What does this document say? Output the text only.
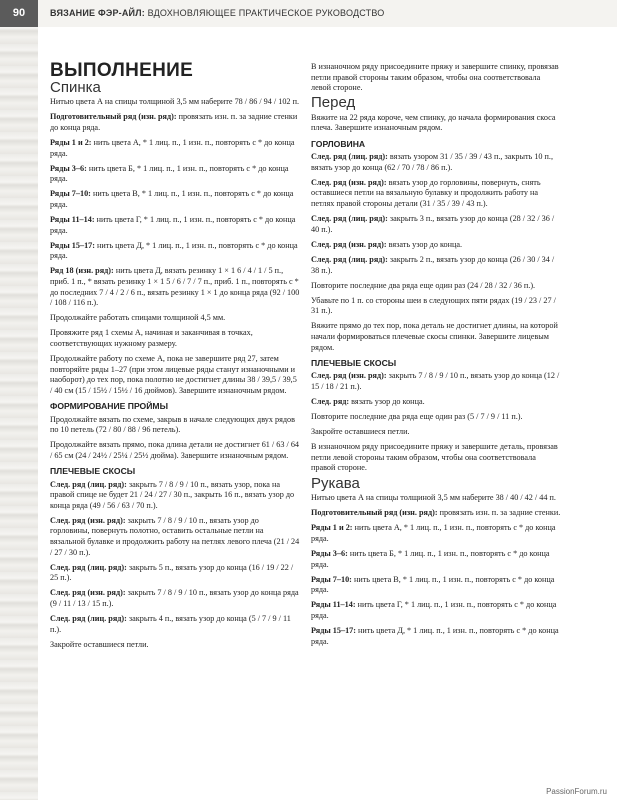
90	ВЯЗАНИЕ ФЭР-АЙЛ: ВДОХНОВЛЯЮЩЕЕ ПРАКТИЧЕСКОЕ РУКОВОДСТВО
ВЫПОЛНЕНИЕ
Спинка

Нитью цвета А на спицы толщиной 3,5 мм наберите 78 / 86 / 94 / 102 п.

Подготовительный ряд (изн. ряд): провязать изн. п. за задние стенки до конца ряда.

Ряды 1 и 2: нить цвета А, * 1 лиц. п., 1 изн. п., повторять с * до конца ряда.

Ряды 3–6: нить цвета Б, * 1 лиц. п., 1 изн. п., повторять с * до конца ряда.

Ряды 7–10: нить цвета В, * 1 лиц. п., 1 изн. п., повторять с * до конца ряда.

Ряды 11–14: нить цвета Г, * 1 лиц. п., 1 изн. п., повторять с * до конца ряда.

Ряды 15–17: нить цвета Д, * 1 лиц. п., 1 изн. п., повторять с * до конца ряда.

Ряд 18 (изн. ряд): нить цвета Д, вязать резинку 1 × 1 6 / 4 / 1 / 5 п., приб. 1 п., * вязать резинку 1 × 1 5 / 6 / 7 / 7 п., приб. 1 п., повторять с * до последних 7 / 4 / 2 / 6 п., вязать резинку 1 × 1 до конца ряда (92 / 100 / 108 / 116 п.).

Продолжайте работать спицами толщиной 4,5 мм.

Провяжите ряд 1 схемы А, начиная и заканчивая в точках, соответствующих нужному размеру.

Продолжайте работу по схеме А, пока не завершите ряд 27, затем повторяйте ряды 1–27 (при этом лицевые ряды станут изнаночными и наоборот) до тех пор, пока полотно не достигнет длины 38 / 39,5 / 39,5 / 40 см (15 / 15½ / 15½ / 16 дюймов). Завершите изнаночным рядом.

ФОРМИРОВАНИЕ ПРОЙМЫ

Продолжайте вязать по схеме, закрыв в начале следующих двух рядов по 10 петель (72 / 80 / 88 / 96 петель).

Продолжайте вязать прямо, пока длина детали не достигнет 61 / 63 / 64 / 65 см (24 / 24½ / 25¼ / 25½ дюйма). Завершите изнаночным рядом.

ПЛЕЧЕВЫЕ СКОСЫ

След. ряд (лиц. ряд): закрыть 7 / 8 / 9 / 10 п., вязать узор, пока на правой спице не будет 21 / 24 / 27 / 30 п., закрыть 16 п., вязать узор до конца ряда (49 / 56 / 63 / 70 п.).

След. ряд (изн. ряд): закрыть 7 / 8 / 9 / 10 п., вязать узор до горловины, повернуть полотно, оставить остальные петли на вязальной булавке и продолжить работу на петлях левого плеча (21 / 24 / 27 / 30 п.).

След. ряд (лиц. ряд): закрыть 5 п., вязать узор до конца (16 / 19 / 22 / 25 п.).

След. ряд (изн. ряд): закрыть 7 / 8 / 9 / 10 п., вязать узор до конца ряда (9 / 11 / 13 / 15 п.).

След. ряд (лиц. ряд): закрыть 4 п., вязать узор до конца (5 / 7 / 9 / 11 п.).

Закройте оставшиеся петли.

В изнаночном ряду присоедините пряжу и завершите спинку, провязав петли правой стороны таким образом, чтобы она соответствовала левой стороне.

Перед

Вяжите на 22 ряда короче, чем спинку, до начала формирования скоса плеча. Завершите изнаночным рядом.

ГОРЛОВИНА

След. ряд (лиц. ряд): вязать узором 31 / 35 / 39 / 43 п., закрыть 10 п., вязать узор до конца (62 / 70 / 78 / 86 п.).

След. ряд (изн. ряд): вязать узор до горловины, повернуть, снять оставшиеся петли на вязальную булавку и продолжить работу на петлях правой стороны детали (31 / 35 / 39 / 43 п.).

След. ряд (лиц. ряд): закрыть 3 п., вязать узор до конца (28 / 32 / 36 / 40 п.).

След. ряд (изн. ряд): вязать узор до конца.

След. ряд (лиц. ряд): закрыть 2 п., вязать узор до конца (26 / 30 / 34 / 38 п.).

Повторите последние два ряда еще один раз (24 / 28 / 32 / 36 п.).

Убавьте по 1 п. со стороны шеи в следующих пяти рядах (19 / 23 / 27 / 31 п.).

Вяжите прямо до тех пор, пока деталь не достигнет длины, на которой начали формироваться плечевые скосы спинки. Завершите лицевым рядом.

ПЛЕЧЕВЫЕ СКОСЫ

След. ряд (изн. ряд): закрыть 7 / 8 / 9 / 10 п., вязать узор до конца (12 / 15 / 18 / 21 п.).

След. ряд: вязать узор до конца.

Повторите последние два ряда еще один раз (5 / 7 / 9 / 11 п.).

Закройте оставшиеся петли.

В изнаночном ряду присоедините пряжу и завершите деталь, провязав петли левой стороны таким образом, чтобы она соответствовала правой стороне.

Рукава

Нитью цвета А на спицы толщиной 3,5 мм наберите 38 / 40 / 42 / 44 п.

Подготовительный ряд (изн. ряд): провязать изн. п. за задние стенки.

Ряды 1 и 2: нить цвета А, * 1 лиц. п., 1 изн. п., повторять с * до конца ряда.

Ряды 3–6: нить цвета Б, * 1 лиц. п., 1 изн. п., повторять с * до конца ряда.

Ряды 7–10: нить цвета В, * 1 лиц. п., 1 изн. п., повторять с * до конца ряда.

Ряды 11–14: нить цвета Г, * 1 лиц. п., 1 изн. п., повторять с * до конца ряда.

Ряды 15–17: нить цвета Д, * 1 лиц. п., 1 изн. п., повторять с * до конца ряда.

PassionForum.ru
